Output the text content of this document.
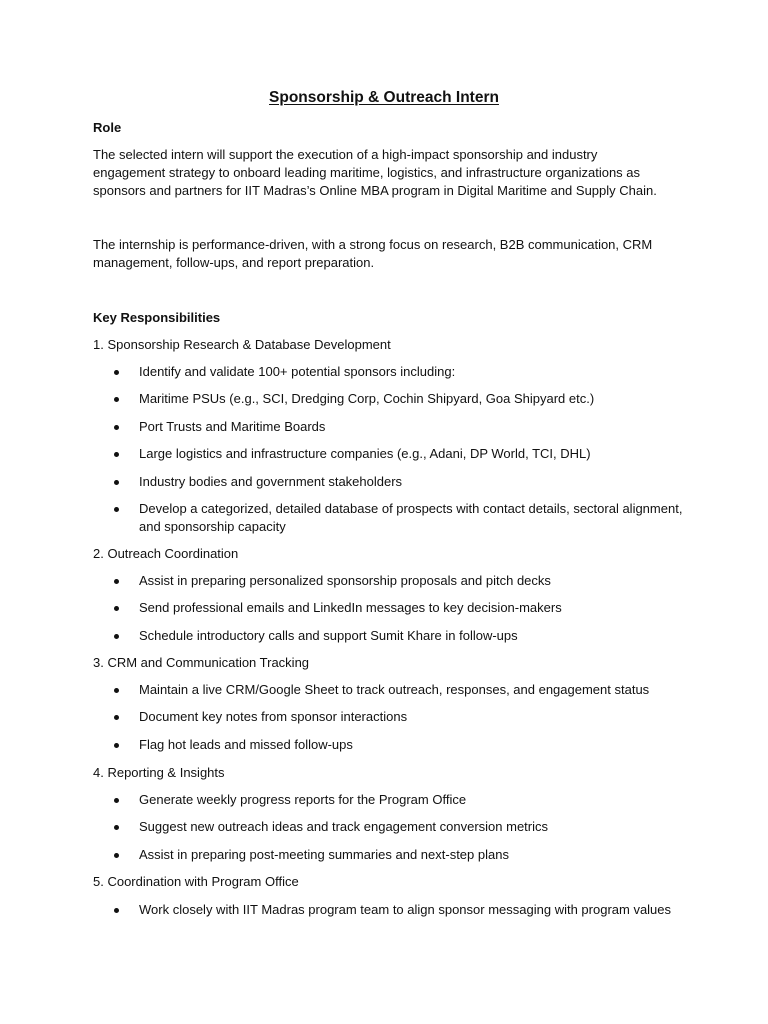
Sponsorship & Outreach Intern

Role

The selected intern will support the execution of a high-impact sponsorship and industry engagement strategy to onboard leading maritime, logistics, and infrastructure organizations as sponsors and partners for IIT Madras’s Online MBA program in Digital Maritime and Supply Chain.

The internship is performance-driven, with a strong focus on research, B2B communication, CRM management, follow-ups, and report preparation.

Key Responsibilities

1. Sponsorship Research & Database Development

Identify and validate 100+ potential sponsors including:
Maritime PSUs (e.g., SCI, Dredging Corp, Cochin Shipyard, Goa Shipyard etc.)
Port Trusts and Maritime Boards
Large logistics and infrastructure companies (e.g., Adani, DP World, TCI, DHL)
Industry bodies and government stakeholders
Develop a categorized, detailed database of prospects with contact details, sectoral alignment, and sponsorship capacity

2. Outreach Coordination

Assist in preparing personalized sponsorship proposals and pitch decks
Send professional emails and LinkedIn messages to key decision-makers
Schedule introductory calls and support Sumit Khare in follow-ups

3. CRM and Communication Tracking

Maintain a live CRM/Google Sheet to track outreach, responses, and engagement status
Document key notes from sponsor interactions
Flag hot leads and missed follow-ups

4. Reporting & Insights

Generate weekly progress reports for the Program Office
Suggest new outreach ideas and track engagement conversion metrics
Assist in preparing post-meeting summaries and next-step plans

5. Coordination with Program Office

Work closely with IIT Madras program team to align sponsor messaging with program values
